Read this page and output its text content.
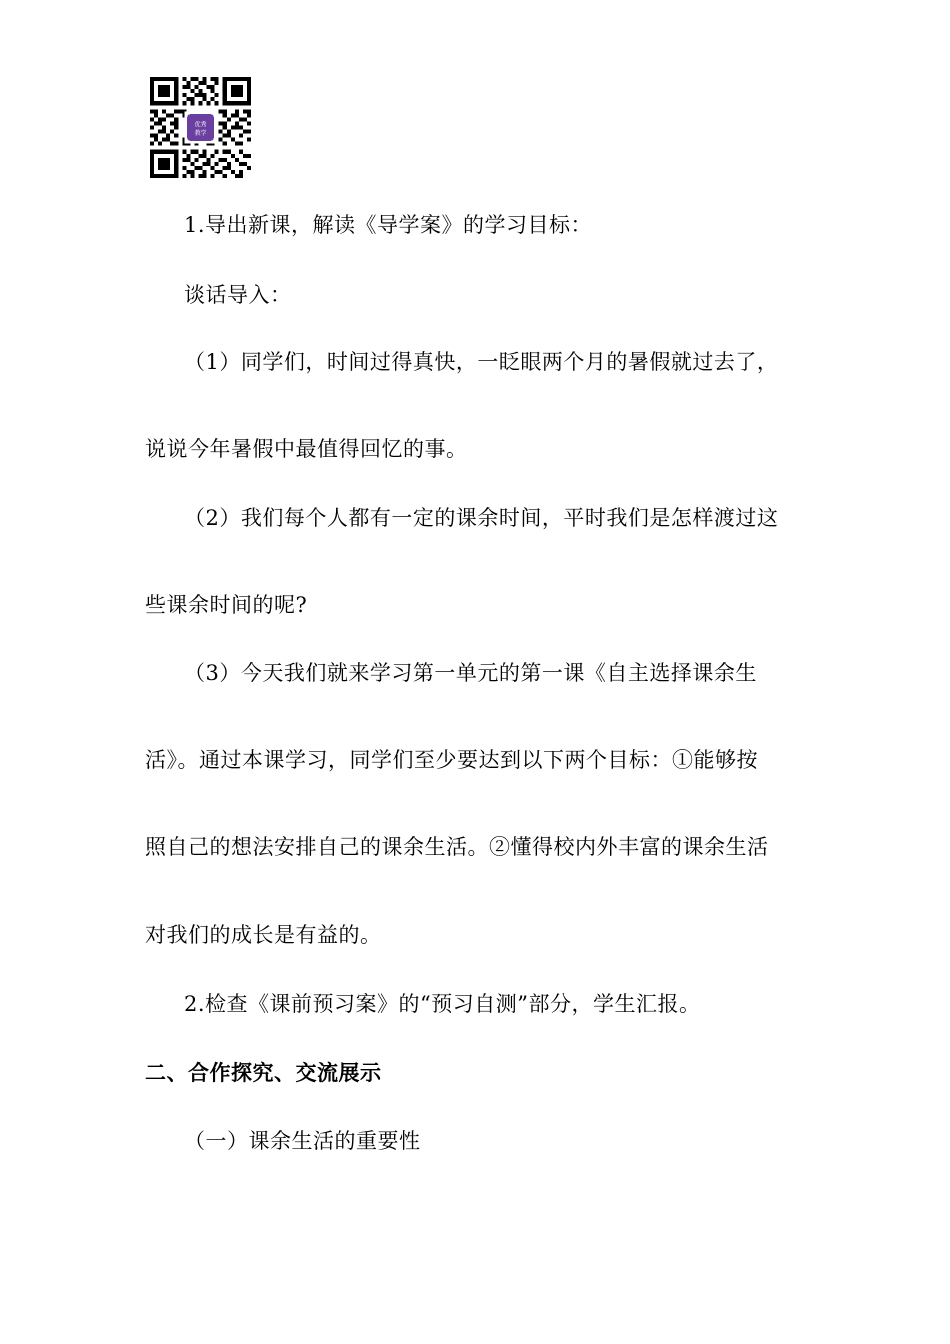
优秀
教学
1.导出新课，解读《导学案》的学习目标：
谈话导入：
（1）同学们，时间过得真快，一眨眼两个月的暑假就过去了，
说说今年暑假中最值得回忆的事。
（2）我们每个人都有一定的课余时间，平时我们是怎样渡过这
些课余时间的呢?
（3）今天我们就来学习第一单元的第一课《自主选择课余生
活》。通过本课学习，同学们至少要达到以下两个目标：①能够按
照自己的想法安排自己的课余生活。②懂得校内外丰富的课余生活
对我们的成长是有益的。
2.检查《课前预习案》的“预习自测”部分，学生汇报。
二、合作探究、交流展示
（一）课余生活的重要性
